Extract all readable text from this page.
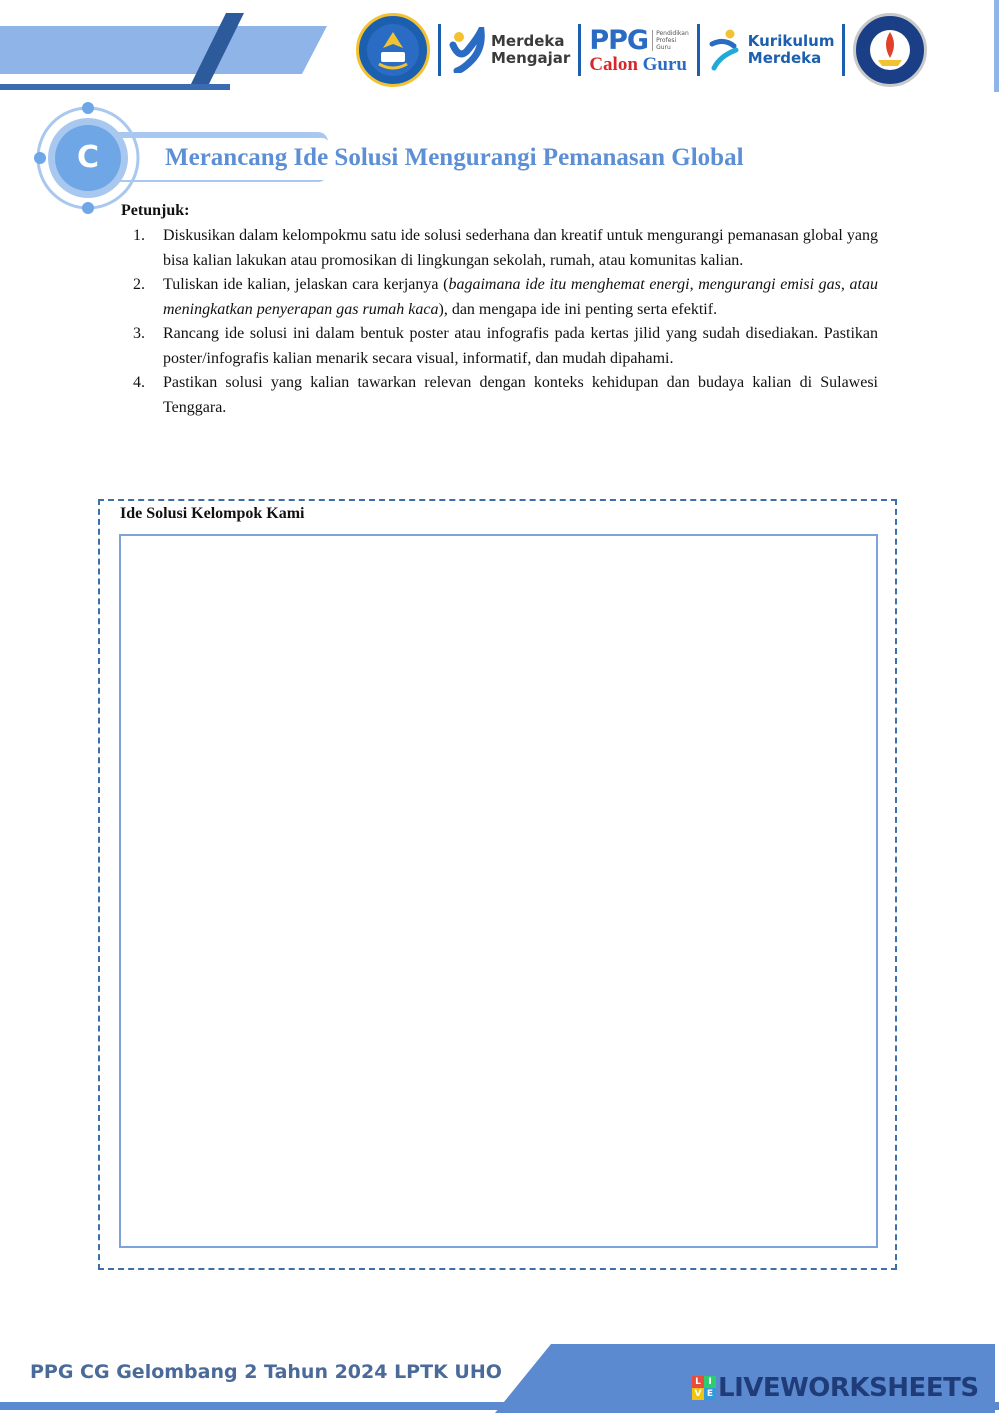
Merdeka
Mengajar
PPG	Pendidikan
Profesi
Guru
Calon Guru
Kurikulum
Merdeka
C	Merancang Ide Solusi Mengurangi Pemanasan Global
Petunjuk:
1. Diskusikan dalam kelompokmu satu ide solusi sederhana dan kreatif untuk mengurangi pemanasan global yang bisa kalian lakukan atau promosikan di lingkungan sekolah, rumah, atau komunitas kalian.
2. Tuliskan ide kalian, jelaskan cara kerjanya (bagaimana ide itu menghemat energi, mengurangi emisi gas, atau meningkatkan penyerapan gas rumah kaca), dan mengapa ide ini penting serta efektif.
3. Rancang ide solusi ini dalam bentuk poster atau infografis pada kertas jilid yang sudah disediakan. Pastikan poster/infografis kalian menarik secara visual, informatif, dan mudah dipahami.
4. Pastikan solusi yang kalian tawarkan relevan dengan konteks kehidupan dan budaya kalian di Sulawesi Tenggara.
Ide Solusi Kelompok Kami
PPG CG Gelombang 2 Tahun 2024 LPTK UHO	L I
V E LIVEWORKSHEETS
